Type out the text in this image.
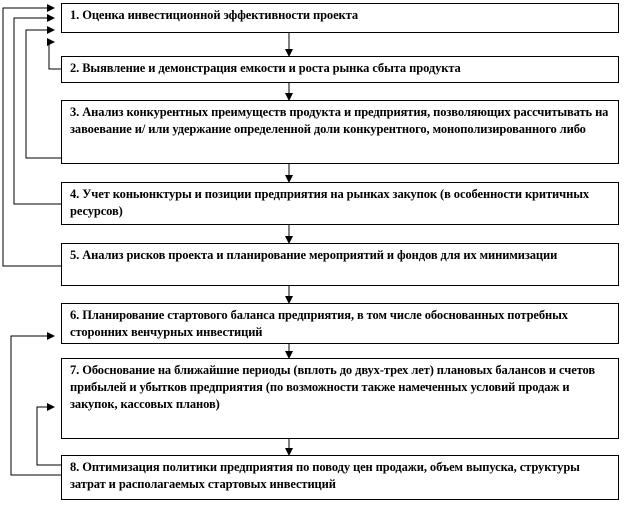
1. Оценка инвестиционной эффективности проекта
2. Выявление и демонстрация емкости и роста рынка сбыта продукта
3. Анализ конкурентных преимуществ продукта и предприятия, позволяющих рассчитывать на завоевание и/ или удержание определенной доли конкурентного, монополизированного либо
4. Учет коньюнктуры и позиции предприятия на рынках закупок (в особенности критичных ресурсов)
5. Анализ рисков проекта и планирование мероприятий и фондов для их минимизации
6. Планирование стартового баланса предприятия, в том числе обоснованных потребных сторонних венчурных инвестиций
7. Обоснование на ближайшие периоды (вплоть до двух-трех лет) плановых балансов и счетов прибылей и убытков предприятия (по возможности также намеченных условий продаж и закупок, кассовых планов)
8. Оптимизация политики предприятия по поводу цен продажи, объем выпуска, структуры затрат и располагаемых стартовых инвестиций
